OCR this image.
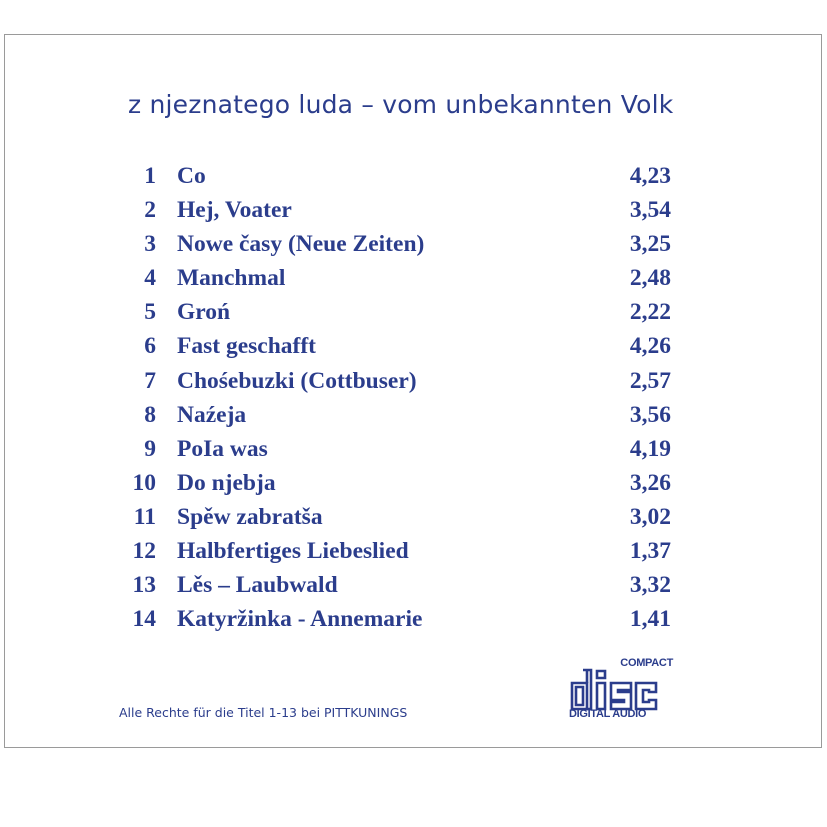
z njeznatego luda – vom unbekannten Volk
1 Co	4,23
2 Hej, Voater	3,54
3 Nowe časy (Neue Zeiten)	3,25
4 Manchmal	2,48
5 Groń	2,22
6 Fast geschafft	4,26
7 Chośebuzki (Cottbuser)	2,57
8 Naźeja	3,56
9 PoIa was	4,19
10 Do njebja	3,26
11 Spěw zabratša	3,02
12 Halbfertiges Liebeslied	1,37
13 Lěs – Laubwald	3,32
14 Katyržinka - Annemarie	1,41
Alle Rechte für die Titel 1-13 bei PITTKUNINGS
COMPACT
DIGITAL AUDIO
